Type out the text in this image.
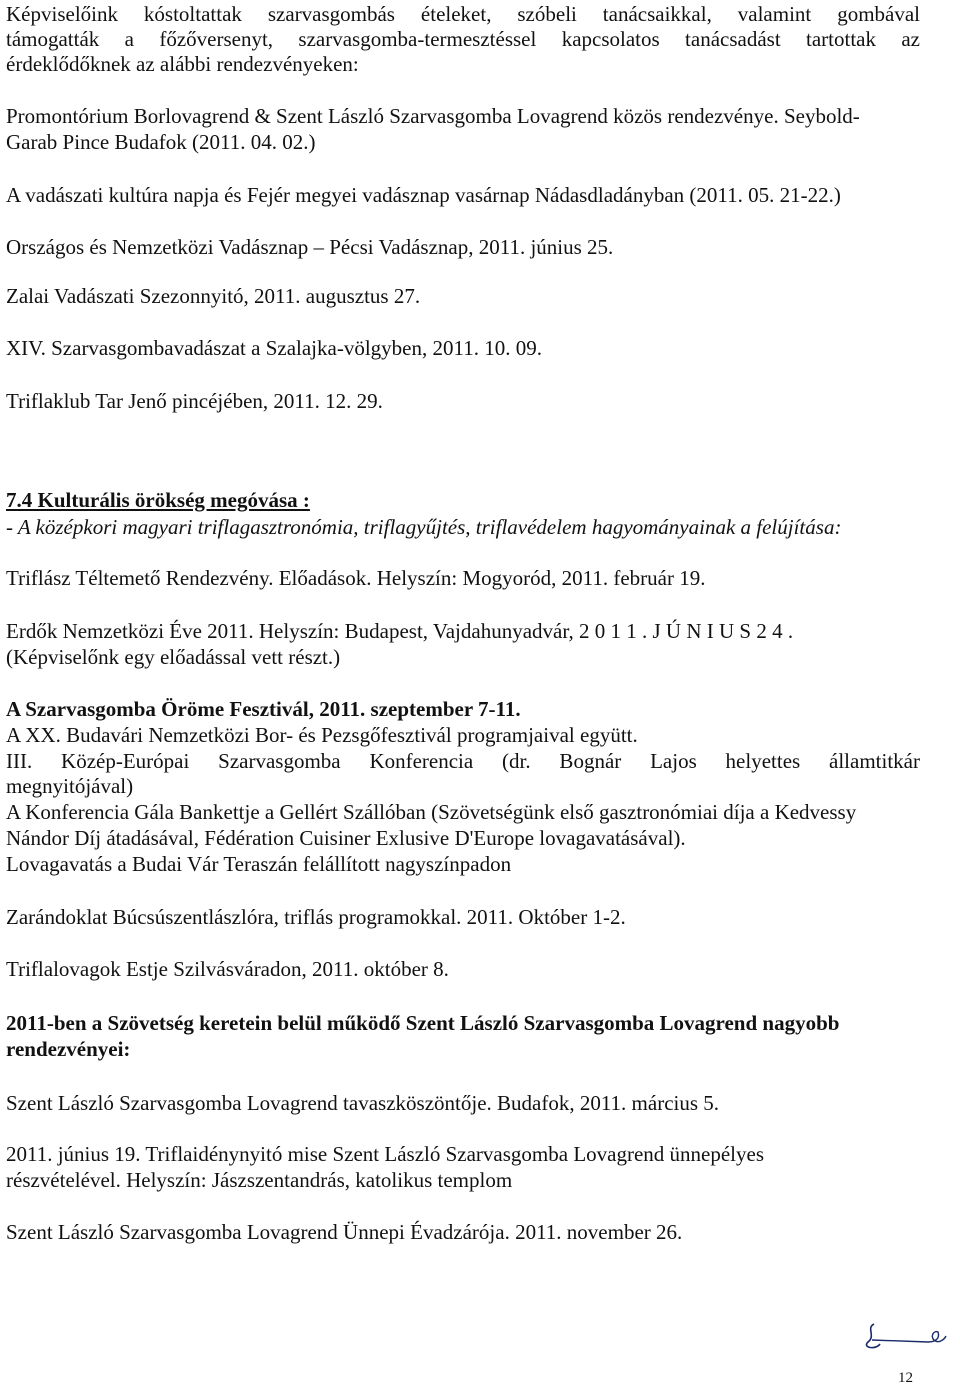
Képviselőink kóstoltattak szarvasgombás ételeket, szóbeli tanácsaikkal, valamint gombával
támogatták a főzőversenyt, szarvasgomba-termesztéssel kapcsolatos tanácsadást tartottak az
érdeklődőknek az alábbi rendezvényeken:
Promontórium Borlovagrend & Szent László Szarvasgomba Lovagrend közös rendezvénye. Seybold-
Garab Pince Budafok (2011. 04. 02.)
A vadászati kultúra napja és Fejér megyei vadásznap vasárnap Nádasdladányban (2011. 05. 21-22.)
Országos és Nemzetközi Vadásznap – Pécsi Vadásznap, 2011. június 25.
Zalai Vadászati Szezonnyitó, 2011. augusztus 27.
XIV. Szarvasgombavadászat a Szalajka-völgyben, 2011. 10. 09.
Triflaklub Tar Jenő pincéjében, 2011. 12. 29.
7.4 Kulturális örökség megóvása :
- A középkori magyari triflagasztronómia, triflagyűjtés, triflavédelem hagyományainak a felújítása:
Triflász Téltemető Rendezvény. Előadások. Helyszín: Mogyoród, 2011. február 19.
Erdők Nemzetközi Éve 2011. Helyszín: Budapest, Vajdahunyadvár, 2 0 1 1 . J Ú N I U S 2 4 .
(Képviselőnk egy előadással vett részt.)
A Szarvasgomba Öröme Fesztivál, 2011. szeptember 7-11.
A XX. Budavári Nemzetközi Bor- és Pezsgőfesztivál programjaival együtt.
III. Közép-Európai Szarvasgomba Konferencia (dr. Bognár Lajos helyettes államtitkár
megnyitójával)
A Konferencia Gála Bankettje a Gellért Szállóban (Szövetségünk első gasztronómiai díja a Kedvessy
Nándor Díj átadásával, Fédération Cuisiner Exlusive D'Europe lovagavatásával).
Lovagavatás a Budai Vár Teraszán felállított nagyszínpadon
Zarándoklat Búcsúszentlászlóra, triflás programokkal. 2011. Október 1-2.
Triflalovagok Estje Szilvásváradon, 2011. október 8.
2011-ben a Szövetség keretein belül működő Szent László Szarvasgomba Lovagrend nagyobb
rendezvényei:
Szent László Szarvasgomba Lovagrend tavaszköszöntője. Budafok, 2011. március 5.
2011. június 19. Triflaidénynyitó mise Szent László Szarvasgomba Lovagrend ünnepélyes
részvételével. Helyszín: Jászszentandrás, katolikus templom
Szent László Szarvasgomba Lovagrend Ünnepi Évadzárója. 2011. november 26.
12
